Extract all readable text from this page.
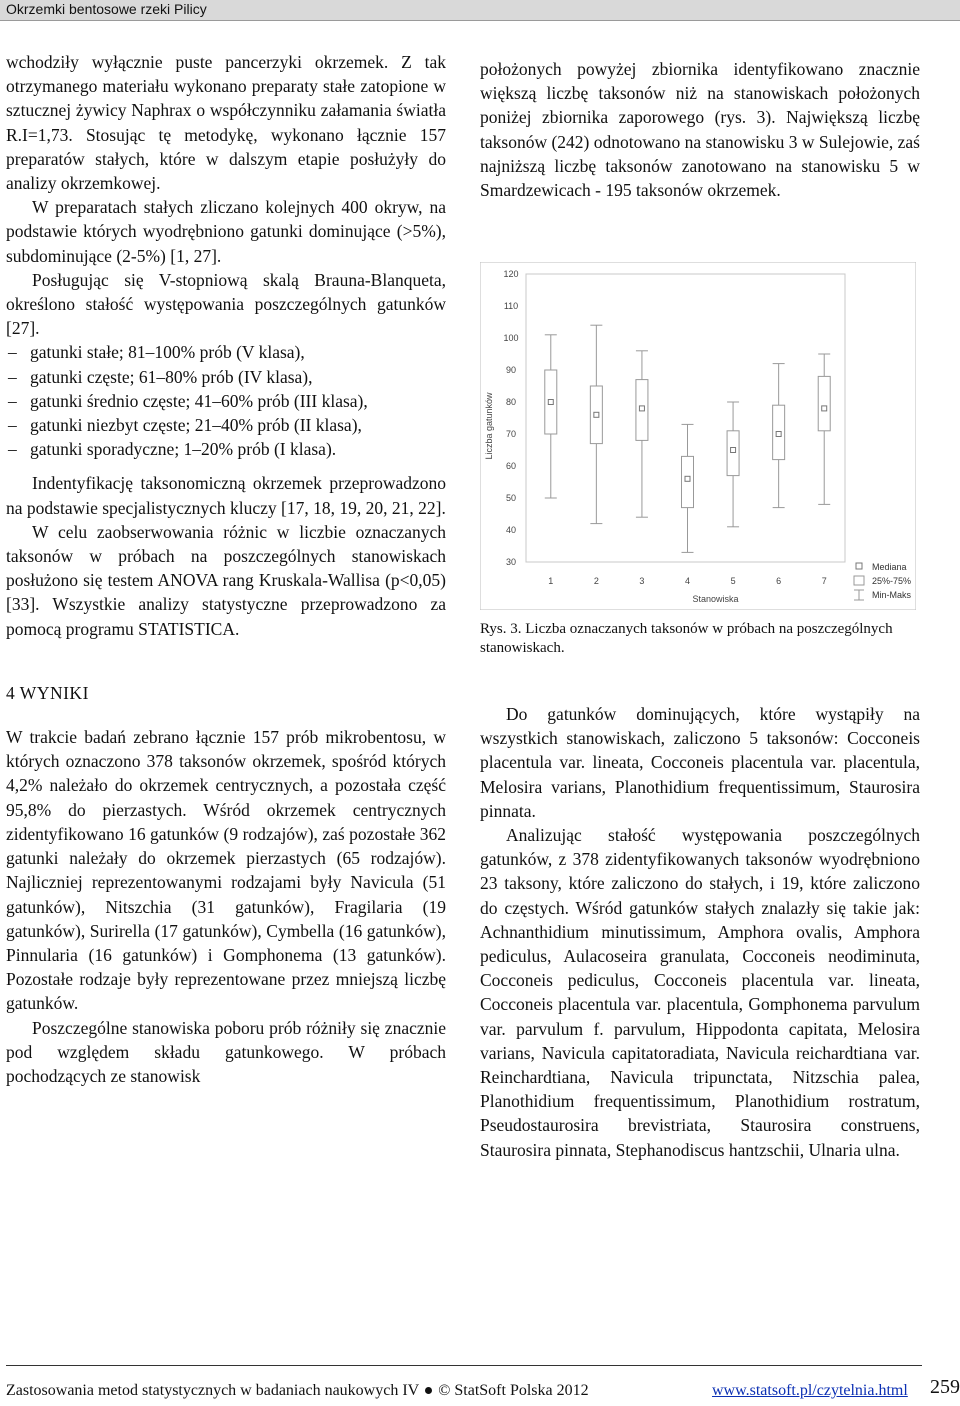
Okrzemki bentosowe rzeki Pilicy

wchodziły wyłącznie puste pancerzyki okrzemek. Z tak otrzymanego materiału wykonano preparaty stałe zatopione w sztucznej żywicy Naphrax o współczynniku załamania światła R.I=1,73. Stosując tę metodykę, wykonano łącznie 157 preparatów stałych, które w dalszym etapie posłużyły do analizy okrzemkowej.

W preparatach stałych zliczano kolejnych 400 okryw, na podstawie których wyodrębniono gatunki dominujące (>5%), subdominujące (2-5%) [1, 27].

Posługując się V-stopniową skalą Brauna-Blanqueta, określono stałość występowania poszczególnych gatunków [27].

– gatunki stałe; 81–100% prób (V klasa),
– gatunki częste; 61–80% prób (IV klasa),
– gatunki średnio częste; 41–60% prób (III klasa),
– gatunki niezbyt częste; 21–40% prób (II klasa),
– gatunki sporadyczne; 1–20% prób (I klasa).

Indentyfikację taksonomiczną okrzemek przeprowadzono na podstawie specjalistycznych kluczy [17, 18, 19, 20, 21, 22].

W celu zaobserwowania różnic w liczbie oznaczanych taksonów w próbach na poszczególnych stanowiskach posłużono się testem ANOVA rang Kruskala-Wallisa (p<0,05) [33]. Wszystkie analizy statystyczne przeprowadzono za pomocą programu STATISTICA.

4 WYNIKI

W trakcie badań zebrano łącznie 157 prób mikrobentosu, w których oznaczono 378 taksonów okrzemek, spośród których 4,2% należało do okrzemek centrycznych, a pozostała część 95,8% do pierzastych. Wśród okrzemek centrycznych zidentyfikowano 16 gatunków (9 rodzajów), zaś pozostałe 362 gatunki należały do okrzemek pierzastych (65 rodzajów). Najliczniej reprezentowanymi rodzajami były Navicula (51 gatunków), Nitszchia (31 gatunków), Fragilaria (19 gatunków), Surirella (17 gatunków), Cymbella (16 gatunków), Pinnularia (16 gatunków) i Gomphonema (13 gatunków). Pozostałe rodzaje były reprezentowane przez mniejszą liczbę gatunków.

Poszczególne stanowiska poboru prób różniły się znacznie pod względem składu gatunkowego. W próbach pochodzących ze stanowisk

położonych powyżej zbiornika identyfikowano znacznie większą liczbę taksonów niż na stanowiskach położonych poniżej zbiornika zaporowego (rys. 3). Największą liczbę taksonów (242) odnotowano na stanowisku 3 w Sulejowie, zaś najniższą liczbę taksonów zanotowano na stanowisku 5 w Smardzewicach - 195 taksonów okrzemek.

30
40
50
60
70
80
90
100
110
120
Liczba gatunków
1	2	3	4	5	6	7
Stanowiska
Mediana
25%-75%
Min-Maks
Rys. 3. Liczba oznaczanych taksonów w próbach na poszczególnych stanowiskach.

Do gatunków dominujących, które wystąpiły na wszystkich stanowiskach, zaliczono 5 taksonów: Cocconeis placentula var. lineata, Cocconeis placentula var. placentula, Melosira varians, Planothidium frequentissimum, Staurosira pinnata.

Analizując stałość występowania poszczególnych gatunków, z 378 zidentyfikowanych taksonów wyodrębniono 23 taksony, które zaliczono do stałych, i 19, które zaliczono do częstych. Wśród gatunków stałych znalazły się takie jak: Achnanthidium minutissimum, Amphora ovalis, Amphora pediculus, Aulacoseira granulata, Cocconeis neodiminuta, Cocconeis pediculus, Cocconeis placentula var. lineata, Cocconeis placentula var. placentula, Gomphonema parvulum var. parvulum f. parvulum, Hippodonta capitata, Melosira varians, Navicula capitatoradiata, Navicula reichardtiana var. Reinchardtiana, Navicula tripunctata, Nitzschia palea, Planothidium frequentissimum, Planothidium rostratum, Pseudostaurosira brevistriata, Staurosira construens, Staurosira pinnata, Stephanodiscus hantzschii, Ulnaria ulna.

Zastosowania metod statystycznych w badaniach naukowych IV © StatSoft Polska 2012	www.statsoft.pl/czytelnia.html 259
